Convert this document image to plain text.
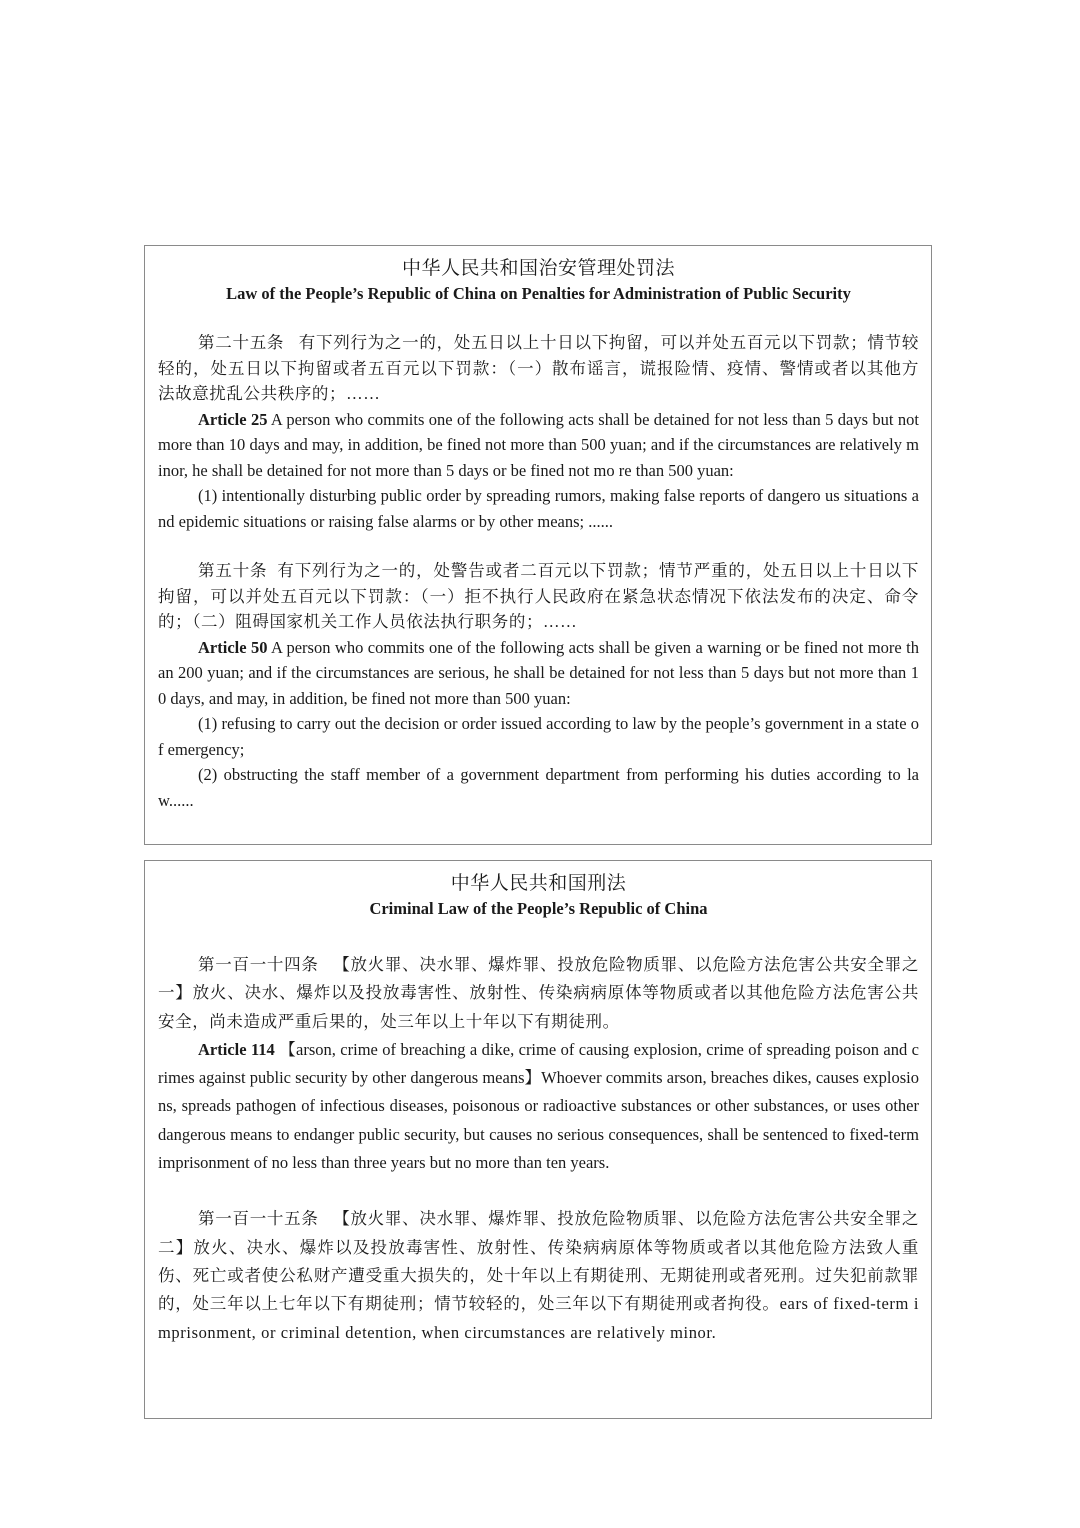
中华人民共和国治安管理处罚法
Law of the People’s Republic of China on Penalties for Administration of Public Security

第二十五条 有下列行为之一的，处五日以上十日以下拘留，可以并处五百元以下罚款；情节较轻的，处五日以下拘留或者五百元以下罚款：（一）散布谣言，谎报险情、疫情、警情或者以其他方法故意扰乱公共秩序的；……

Article 25 A person who commits one of the following acts shall be detained for not less than 5 days but not more than 10 days and may, in addition, be fined not more than 500 yuan; and if the circumstances are relatively minor, he shall be detained for not more than 5 days or be fined not mo re than 500 yuan:

(1) intentionally disturbing public order by spreading rumors, making false reports of dangero us situations and epidemic situations or raising false alarms or by other means; ......

第五十条 有下列行为之一的，处警告或者二百元以下罚款；情节严重的，处五日以上十日以下拘留，可以并处五百元以下罚款：（一）拒不执行人民政府在紧急状态情况下依法发布的决定、命令的；（二）阻碍国家机关工作人员依法执行职务的；……

Article 50 A person who commits one of the following acts shall be given a warning or be fined not more than 200 yuan; and if the circumstances are serious, he shall be detained for not less than 5 days but not more than 10 days, and may, in addition, be fined not more than 500 yuan:

(1) refusing to carry out the decision or order issued according to law by the people’s government in a state of emergency;

(2) obstructing the staff member of a government department from performing his duties according to law......

中华人民共和国刑法
Criminal Law of the People’s Republic of China

第一百一十四条 【放火罪、决水罪、爆炸罪、投放危险物质罪、以危险方法危害公共安全罪之一】放火、决水、爆炸以及投放毒害性、放射性、传染病病原体等物质或者以其他危险方法危害公共安全，尚未造成严重后果的，处三年以上十年以下有期徒刑。

Article 114 【arson, crime of breaching a dike, crime of causing explosion, crime of spreading poison and crimes against public security by other dangerous means】Whoever commits arson, breaches dikes, causes explosions, spreads pathogen of infectious diseases, poisonous or radioactive substances or other substances, or uses other dangerous means to endanger public security, but causes no serious consequences, shall be sentenced to fixed-term imprisonment of no less than three years but no more than ten years.

第一百一十五条 【放火罪、决水罪、爆炸罪、投放危险物质罪、以危险方法危害公共安全罪之二】放火、决水、爆炸以及投放毒害性、放射性、传染病病原体等物质或者以其他危险方法致人重伤、死亡或者使公私财产遭受重大损失的，处十年以上有期徒刑、无期徒刑或者死刑。过失犯前款罪的，处三年以上七年以下有期徒刑；情节较轻的，处三年以下有期徒刑或者拘役。ears of fixed-term imprisonment, or criminal detention, when circumstances are relatively minor.
